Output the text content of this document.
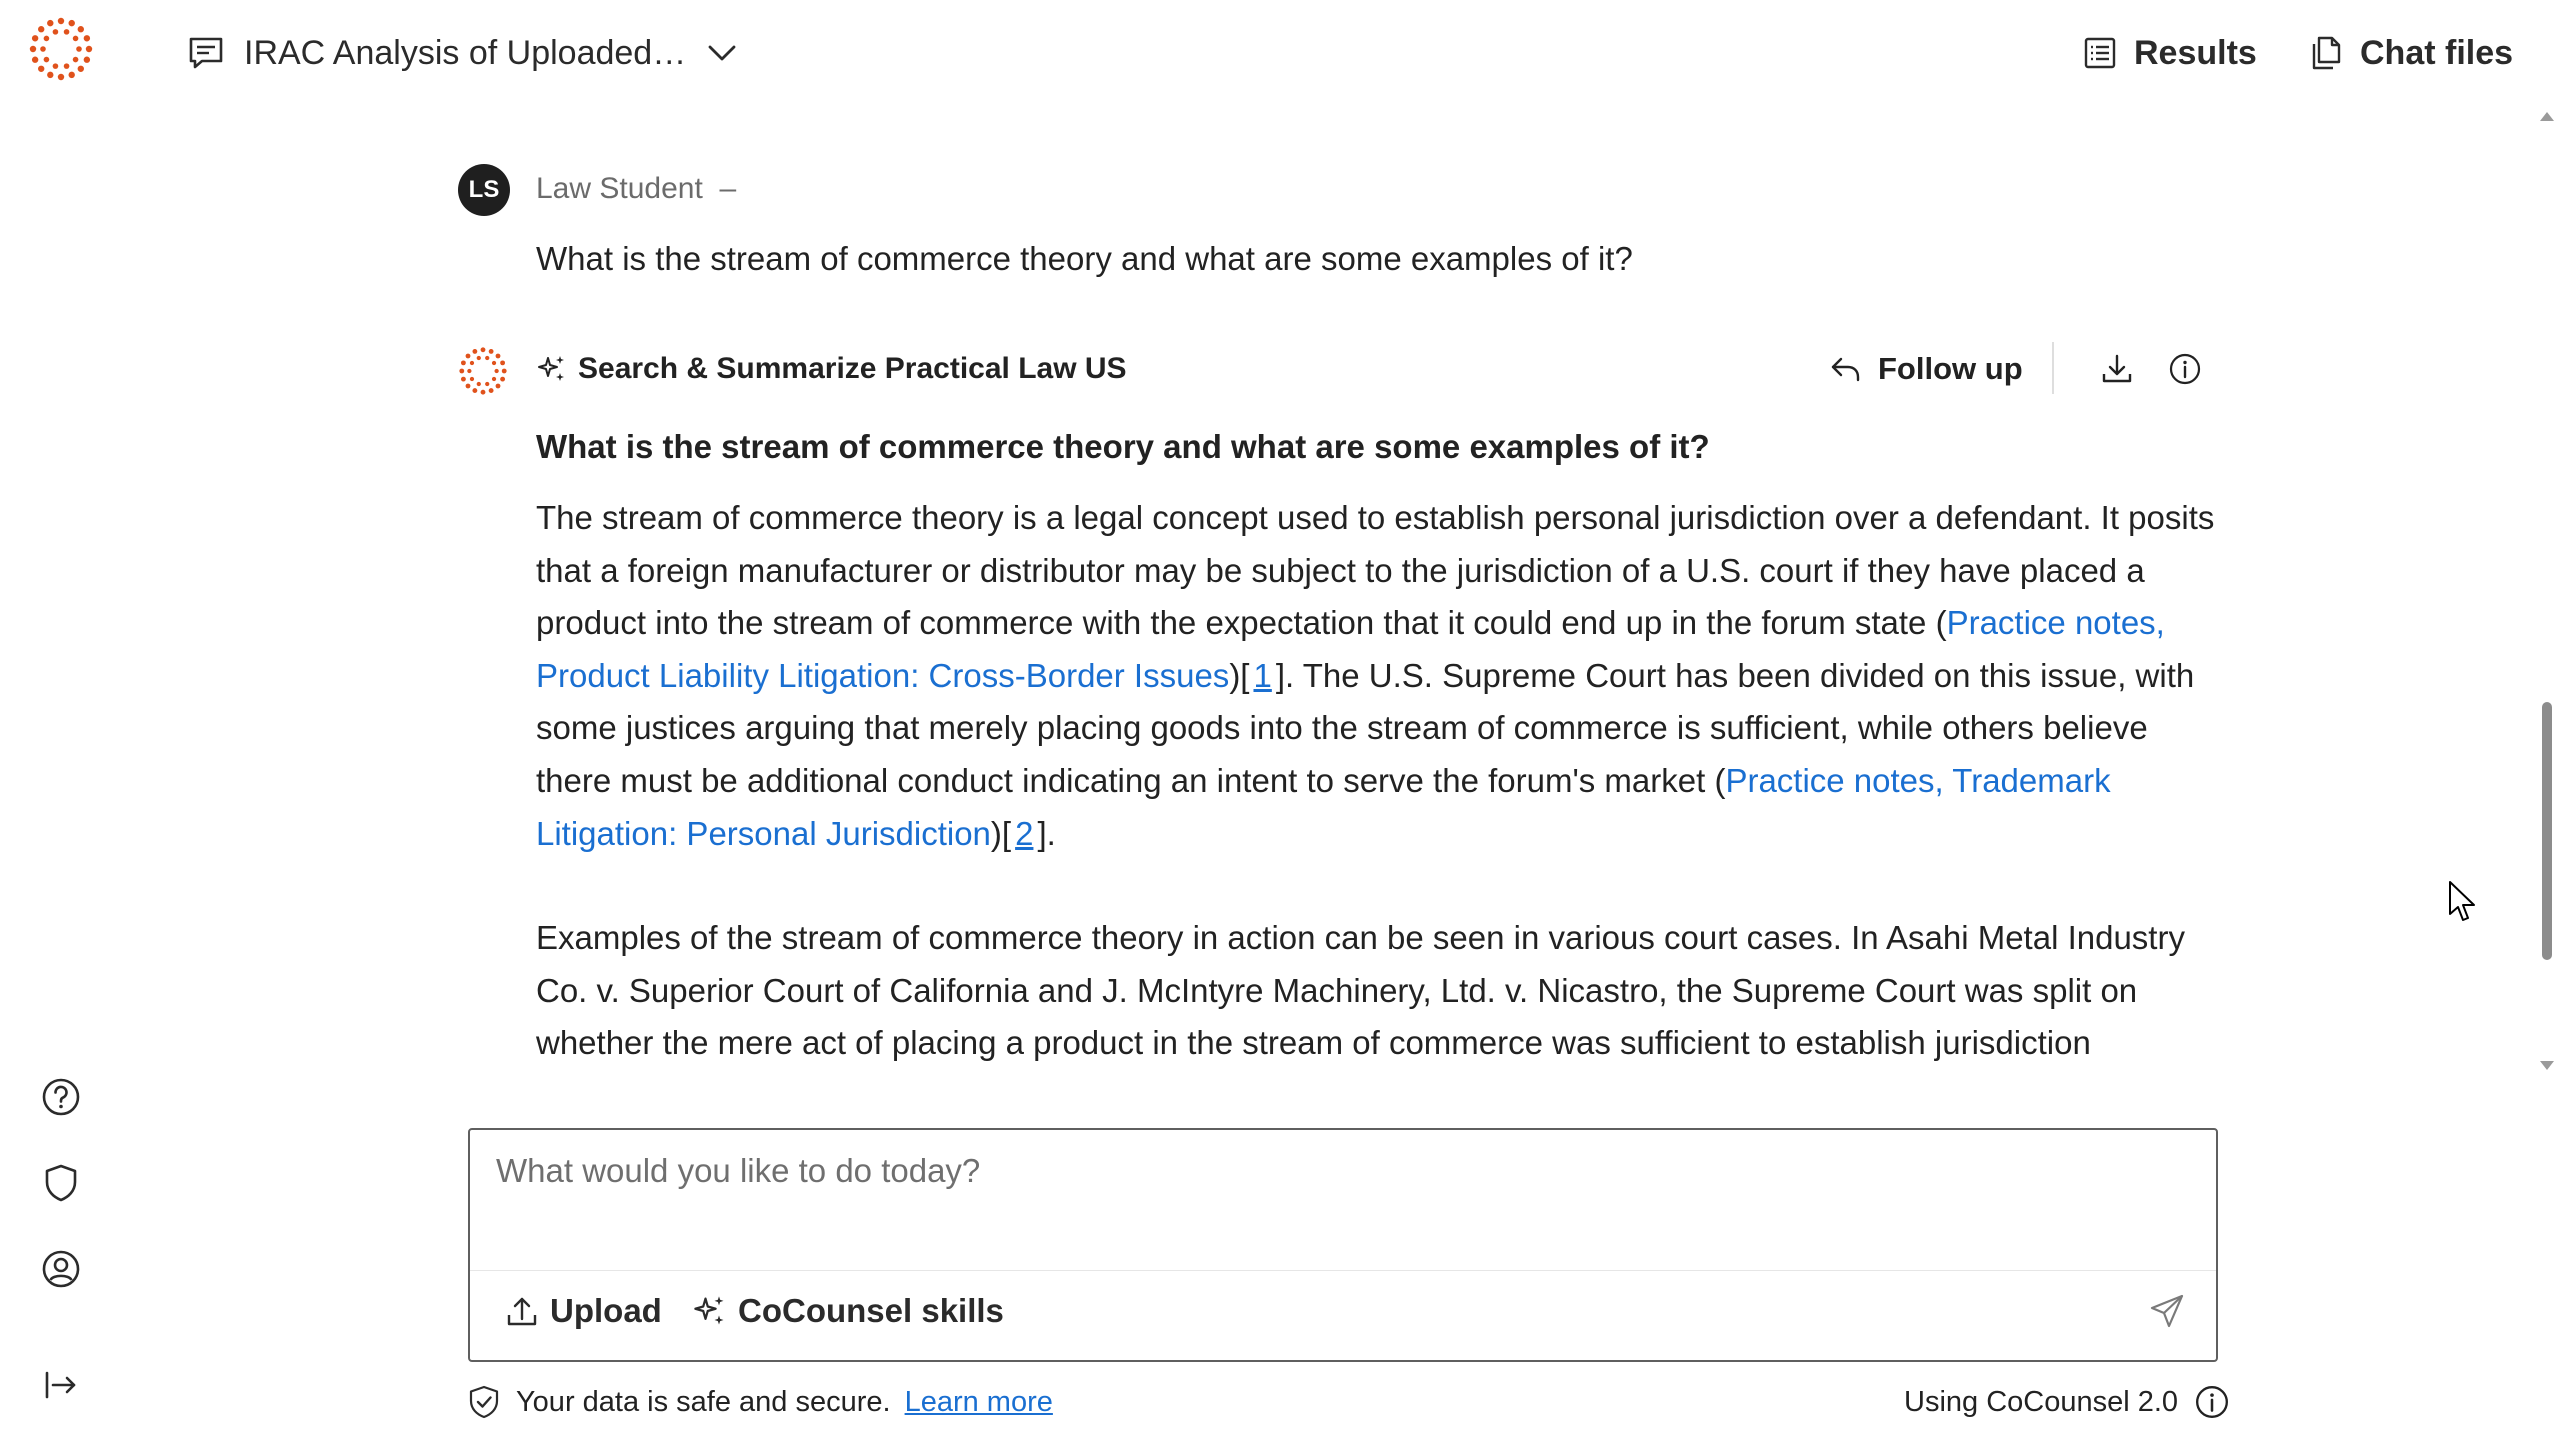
IRAC Analysis of Uploaded…	Results	Chat files
LS Law Student –
What is the stream of commerce theory and what are some examples of it?
Search & Summarize Practical Law US	Follow up
What is the stream of commerce theory and what are some examples of it?

The stream of commerce theory is a legal concept used to establish personal jurisdiction over a defendant. It posits that a foreign manufacturer or distributor may be subject to the jurisdiction of a U.S. court if they have placed a product into the stream of commerce with the expectation that it could end up in the forum state (Practice notes, Product Liability Litigation: Cross-Border Issues)[ 1 ]. The U.S. Supreme Court has been divided on this issue, with some justices arguing that merely placing goods into the stream of commerce is sufficient, while others believe there must be additional conduct indicating an intent to serve the forum's market (Practice notes, Trademark Litigation: Personal Jurisdiction)[ 2 ].

Examples of the stream of commerce theory in action can be seen in various court cases. In Asahi Metal Industry Co. v. Superior Court of California and J. McIntyre Machinery, Ltd. v. Nicastro, the Supreme Court was split on whether the mere act of placing a product in the stream of commerce was sufficient to establish jurisdiction

What would you like to do today?
Upload CoCounsel skills
Your data is safe and secure. Learn more	Using CoCounsel 2.0
